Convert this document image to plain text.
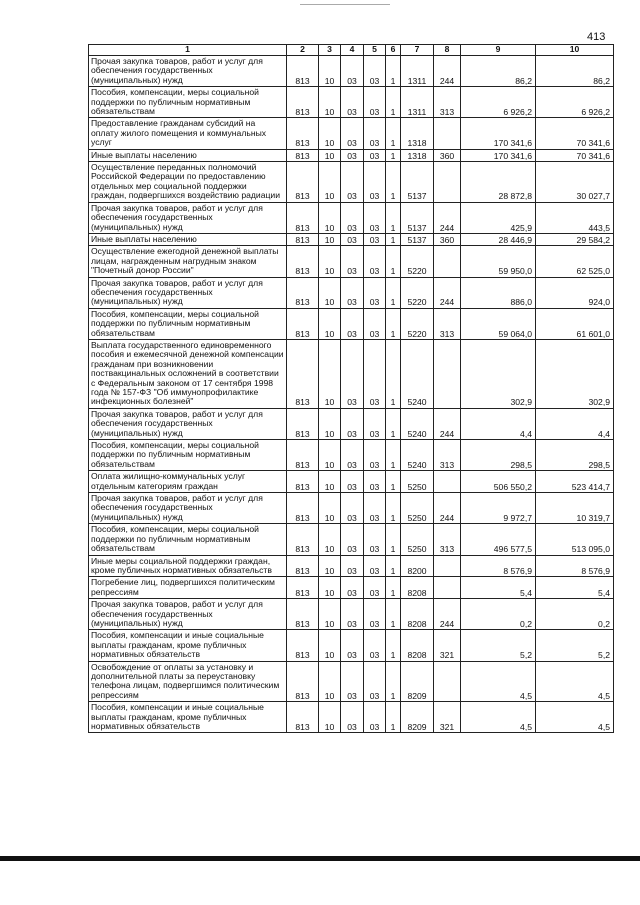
413
1	2	3	4	5	6	7	8	9	10
Прочая закупка товаров, работ и услуг для обеспечения государственных (муниципальных) нужд	813	10	03	03	1	1311	244	86,2	86,2
Пособия, компенсации, меры социальной поддержки по публичным нормативным обязательствам	813	10	03	03	1	1311	313	6 926,2	6 926,2
Предоставление гражданам субсидий на оплату жилого помещения и коммунальных услуг	813	10	03	03	1	1318		170 341,6	70 341,6
Иные выплаты населению	813	10	03	03	1	1318	360	170 341,6	70 341,6
Осуществление переданных полномочий Российской Федерации по предоставлению отдельных мер социальной поддержки граждан, подвергшихся воздействию радиации	813	10	03	03	1	5137		28 872,8	30 027,7
Прочая закупка товаров, работ и услуг для обеспечения государственных (муниципальных) нужд	813	10	03	03	1	5137	244	425,9	443,5
Иные выплаты населению	813	10	03	03	1	5137	360	28 446,9	29 584,2
Осуществление ежегодной денежной выплаты лицам, награжденным нагрудным знаком "Почетный донор России"	813	10	03	03	1	5220		59 950,0	62 525,0
Прочая закупка товаров, работ и услуг для обеспечения государственных (муниципальных) нужд	813	10	03	03	1	5220	244	886,0	924,0
Пособия, компенсации, меры социальной поддержки по публичным нормативным обязательствам	813	10	03	03	1	5220	313	59 064,0	61 601,0
Выплата государственного единовременного пособия и ежемесячной денежной компенсации гражданам при возникновении поствакцинальных осложнений в соответствии с Федеральным законом от 17 сентября 1998 года № 157-ФЗ "Об иммунопрофилактике инфекционных болезней"	813	10	03	03	1	5240		302,9	302,9
Прочая закупка товаров, работ и услуг для обеспечения государственных (муниципальных) нужд	813	10	03	03	1	5240	244	4,4	4,4
Пособия, компенсации, меры социальной поддержки по публичным нормативным обязательствам	813	10	03	03	1	5240	313	298,5	298,5
Оплата жилищно-коммунальных услуг отдельным категориям граждан	813	10	03	03	1	5250		506 550,2	523 414,7
Прочая закупка товаров, работ и услуг для обеспечения государственных (муниципальных) нужд	813	10	03	03	1	5250	244	9 972,7	10 319,7
Пособия, компенсации, меры социальной поддержки по публичным нормативным обязательствам	813	10	03	03	1	5250	313	496 577,5	513 095,0
Иные меры социальной поддержки граждан, кроме публичных нормативных обязательств	813	10	03	03	1	8200		8 576,9	8 576,9
Погребение лиц, подвергшихся политическим репрессиям	813	10	03	03	1	8208		5,4	5,4
Прочая закупка товаров, работ и услуг для обеспечения государственных (муниципальных) нужд	813	10	03	03	1	8208	244	0,2	0,2
Пособия, компенсации и иные социальные выплаты гражданам, кроме публичных нормативных обязательств	813	10	03	03	1	8208	321	5,2	5,2
Освобождение от оплаты за установку и дополнительной платы за переустановку телефона лицам, подвергшимся политическим репрессиям	813	10	03	03	1	8209		4,5	4,5
Пособия, компенсации и иные социальные выплаты гражданам, кроме публичных нормативных обязательств	813	10	03	03	1	8209	321	4,5	4,5
